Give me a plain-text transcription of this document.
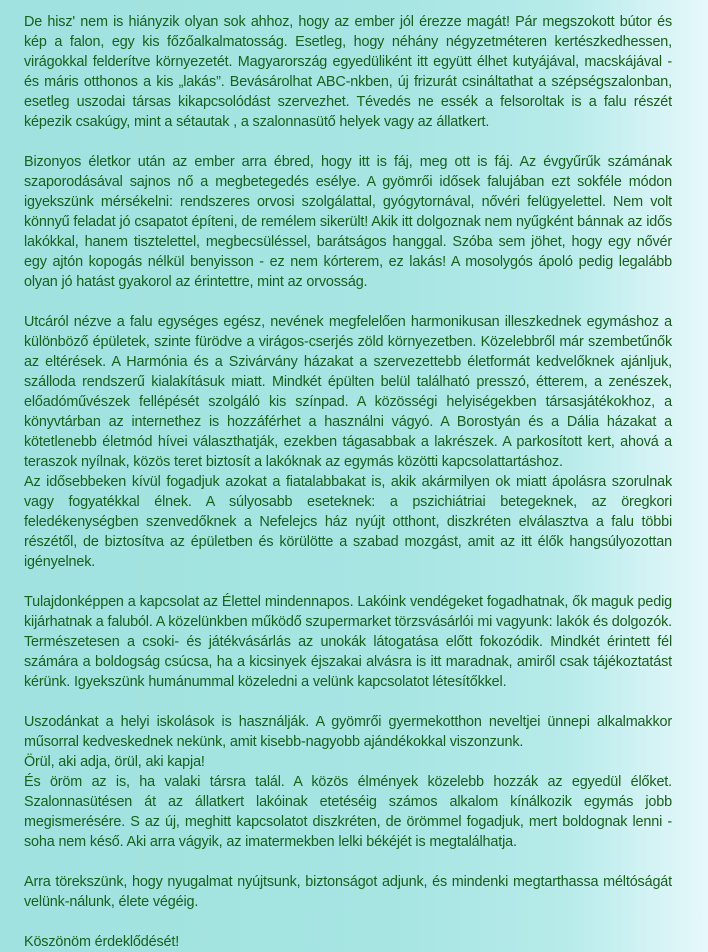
De hisz' nem is hiányzik olyan sok ahhoz, hogy az ember jól érezze magát! Pár megszokott bútor és kép a falon, egy kis főzőalkalmatosság. Esetleg, hogy néhány négyzetméteren kertészkedhessen, virágokkal felderítve környezetét. Magyarország egyedüliként itt együtt élhet kutyájával, macskájával - és máris otthonos a kis „lakás”. Bevásárolhat ABC-nkben, új frizurát csináltathat a szépségszalonban, esetleg uszodai társas kikapcsolódást szervezhet. Tévedés ne essék a felsoroltak is a falu részét képezik csakúgy, mint a sétautak , a szalonnasütő helyek vagy az állatkert.

Bizonyos életkor után az ember arra ébred, hogy itt is fáj, meg ott is fáj. Az évgyűrűk számának szaporodásával sajnos nő a megbetegedés esélye. A gyömrői idősek falujában ezt sokféle módon igyekszünk mérsékelni: rendszeres orvosi szolgálattal, gyógytornával, nővéri felügyelettel. Nem volt könnyű feladat jó csapatot építeni, de remélem sikerült! Akik itt dolgoznak nem nyűgként bánnak az idős lakókkal, hanem tisztelettel, megbecsüléssel, barátságos hanggal. Szóba sem jöhet, hogy egy nővér egy ajtón kopogás nélkül benyisson - ez nem kórterem, ez lakás! A mosolygós ápoló pedig legalább olyan jó hatást gyakorol az érintettre, mint az orvosság.

Utcáról nézve a falu egységes egész, nevének megfelelően harmonikusan illeszkednek egymáshoz a különböző épületek, szinte fürödve a virágos-cserjés zöld környezetben. Közelebbről már szembetűnők az eltérések. A Harmónia és a Szivárvány házakat a szervezettebb életformát kedvelőknek ajánljuk, szálloda rendszerű kialakításuk miatt. Mindkét épülten belül található presszó, étterem, a zenészek, előadóművészek fellépését szolgáló kis színpad. A közösségi helyiségekben társasjátékokhoz, a könyvtárban az internethez is hozzáférhet a használni vágyó. A Borostyán és a Dália házakat a kötetlenebb életmód hívei választhatják, ezekben tágasabbak a lakrészek. A parkosított kert, ahová a teraszok nyílnak, közös teret biztosít a lakóknak az egymás közötti kapcsolattartáshoz.

Az idősebbeken kívül fogadjuk azokat a fiatalabbakat is, akik akármilyen ok miatt ápolásra szorulnak vagy fogyatékkal élnek. A súlyosabb eseteknek: a pszichiátriai betegeknek, az öregkori feledékenységben szenvedőknek a Nefelejcs ház nyújt otthont, diszkréten elválasztva a falu többi részétől, de biztosítva az épületben és körülötte a szabad mozgást, amit az itt élők hangsúlyozottan igényelnek.

Tulajdonképpen a kapcsolat az Élettel mindennapos. Lakóink vendégeket fogadhatnak, ők maguk pedig kijárhatnak a faluból. A közelünkben működő szupermarket törzsvásárlói mi vagyunk: lakók és dolgozók. Természetesen a csoki- és játékvásárlás az unokák látogatása előtt fokozódik. Mindkét érintett fél számára a boldogság csúcsa, ha a kicsinyek éjszakai alvásra is itt maradnak, amiről csak tájékoztatást kérünk. Igyekszünk humánummal közeledni a velünk kapcsolatot létesítőkkel.

Uszodánkat a helyi iskolások is használják. A gyömrői gyermekotthon neveltjei ünnepi alkalmakkor műsorral kedveskednek nekünk, amit kisebb-nagyobb ajándékokkal viszonzunk.

Örül, aki adja, örül, aki kapja!

És öröm az is, ha valaki társra talál. A közös élmények közelebb hozzák az egyedül élőket. Szalonnasütésen át az állatkert lakóinak etetéséig számos alkalom kínálkozik egymás jobb megismerésére. S az új, meghitt kapcsolatot diszkréten, de örömmel fogadjuk, mert boldognak lenni - soha nem késő. Aki arra vágyik, az imatermekben lelki békéjét is megtalálhatja.

Arra törekszünk, hogy nyugalmat nyújtsunk, biztonságot adjunk, és mindenki megtarthassa méltóságát velünk-nálunk, élete végéig.

Köszönöm érdeklődését!
